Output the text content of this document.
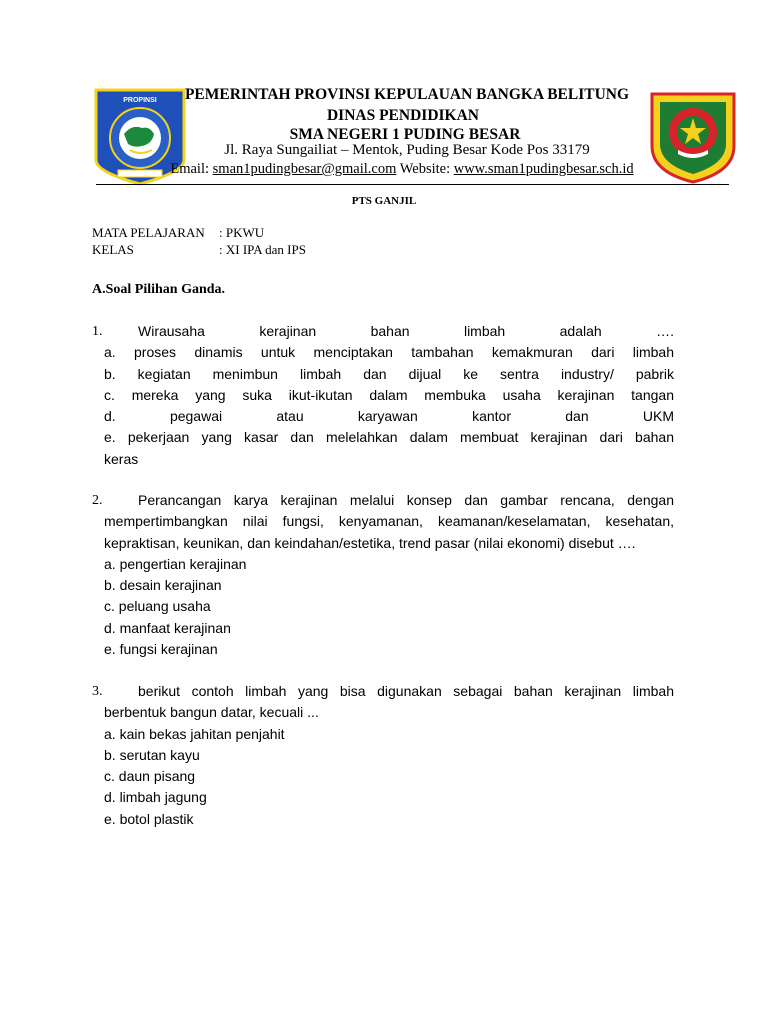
PROPINSI	PEMERINTAH PROVINSI KEPULAUAN BANGKA BELITUNG
DINAS PENDIDIKAN
SMA NEGERI 1 PUDING BESAR
Jl. Raya Sungailiat – Mentok, Puding Besar Kode Pos 33179
Email: sman1pudingbesar@gmail.com Website: www.sman1pudingbesar.sch.id
PTS GANJIL
MATA PELAJARAN : PKWU
KELAS	: XI IPA dan IPS
A.Soal Pilihan Ganda.
1.	Wirausaha kerajinan bahan limbah adalah ….
a. proses dinamis untuk menciptakan tambahan kemakmuran dari limbah
b. kegiatan menimbun limbah dan dijual ke sentra industry/ pabrik
c. mereka yang suka ikut-ikutan dalam membuka usaha kerajinan tangan
d. pegawai atau karyawan kantor dan UKM
e. pekerjaan yang kasar dan melelahkan dalam membuat kerajinan dari bahan
keras
2.	Perancangan karya kerajinan melalui konsep dan gambar rencana, dengan
mempertimbangkan nilai fungsi, kenyamanan, keamanan/keselamatan, kesehatan,
kepraktisan, keunikan, dan keindahan/estetika, trend pasar (nilai ekonomi) disebut ….
a. pengertian kerajinan
b. desain kerajinan
c. peluang usaha
d. manfaat kerajinan
e. fungsi kerajinan
3.	berikut contoh limbah yang bisa digunakan sebagai bahan kerajinan limbah
berbentuk bangun datar, kecuali ...
a. kain bekas jahitan penjahit
b. serutan kayu
c. daun pisang
d. limbah jagung
e. botol plastik
